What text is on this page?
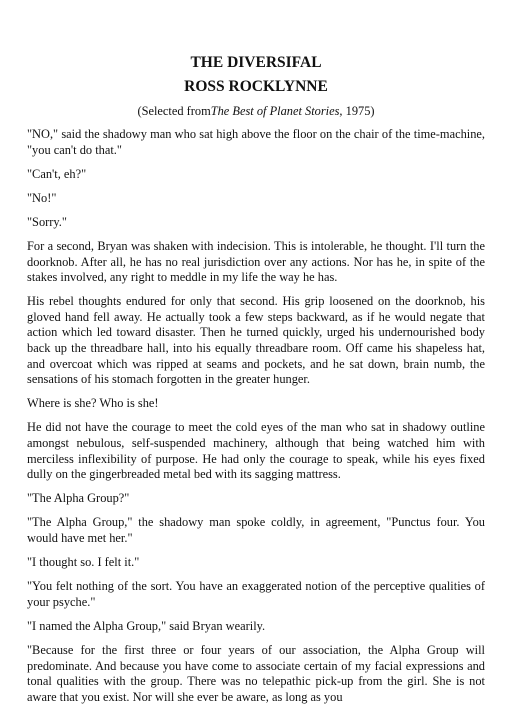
THE DIVERSIFAL
ROSS ROCKLYNNE
(Selected fromThe Best of Planet Stories, 1975)

"NO," said the shadowy man who sat high above the floor on the chair of the time-machine, "you can't do that."

"Can't, eh?"

"No!"

"Sorry."

For a second, Bryan was shaken with indecision. This is intolerable, he thought. I'll turn the doorknob. After all, he has no real jurisdiction over any actions. Nor has he, in spite of the stakes involved, any right to meddle in my life the way he has.

His rebel thoughts endured for only that second. His grip loosened on the doorknob, his gloved hand fell away. He actually took a few steps backward, as if he would negate that action which led toward disaster. Then he turned quickly, urged his undernourished body back up the threadbare hall, into his equally threadbare room. Off came his shapeless hat, and overcoat which was ripped at seams and pockets, and he sat down, brain numb, the sensations of his stomach forgotten in the greater hunger.

Where is she? Who is she!

He did not have the courage to meet the cold eyes of the man who sat in shadowy outline amongst nebulous, self-suspended machinery, although that being watched him with merciless inflexibility of purpose. He had only the courage to speak, while his eyes fixed dully on the gingerbreaded metal bed with its sagging mattress.

"The Alpha Group?"

"The Alpha Group," the shadowy man spoke coldly, in agreement, "Punctus four. You would have met her."

"I thought so. I felt it."

"You felt nothing of the sort. You have an exaggerated notion of the perceptive qualities of your psyche."

"I named the Alpha Group," said Bryan wearily.

"Because for the first three or four years of our association, the Alpha Group will predominate. And because you have come to associate certain of my facial expressions and tonal qualities with the group. There was no telepathic pick-up from the girl. She is not aware that you exist. Nor will she ever be aware, as long as you
